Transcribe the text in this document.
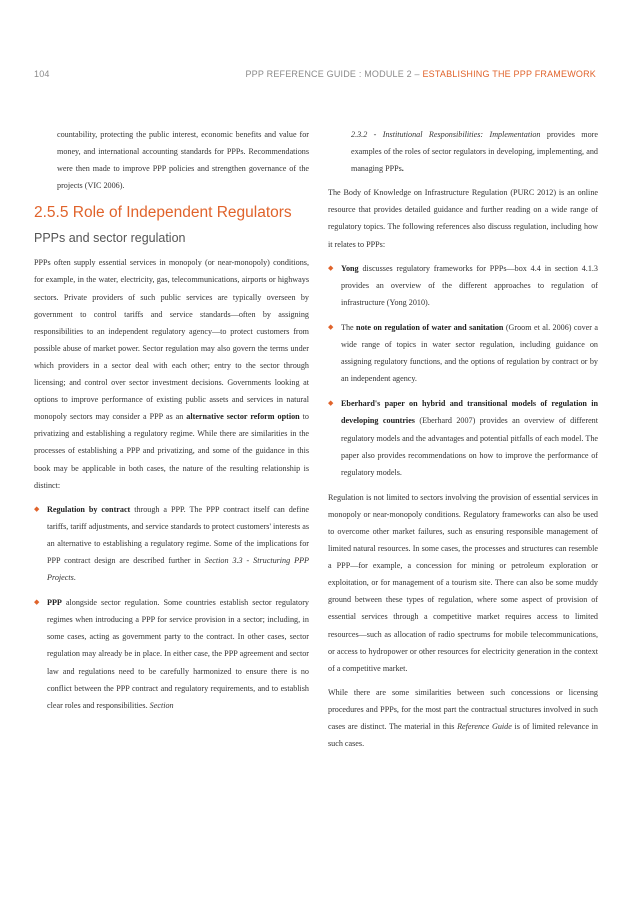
104	PPP REFERENCE GUIDE : MODULE 2 – ESTABLISHING THE PPP FRAMEWORK

countability, protecting the public interest, economic benefits and value for money, and international accounting standards for PPPs. Recommendations were then made to improve PPP policies and strengthen governance of the projects (VIC 2006).

2.5.5 Role of Independent Regulators
PPPs and sector regulation

PPPs often supply essential services in monopoly (or near-monopoly) conditions, for example, in the water, electricity, gas, telecommunications, airports or highways sectors. Private providers of such public services are typically overseen by government to control tariffs and service standards—often by assigning responsibilities to an independent regulatory agency—to protect customers from possible abuse of market power. Sector regulation may also govern the terms under which providers in a sector deal with each other; entry to the sector through licensing; and control over sector investment decisions. Governments looking at options to improve performance of existing public assets and services in natural monopoly sectors may consider a PPP as an alternative sector reform option to privatizing and establishing a regulatory regime. While there are similarities in the processes of establishing a PPP and privatizing, and some of the guidance in this book may be applicable in both cases, the nature of the resulting relationship is distinct:

◆ Regulation by contract through a PPP. The PPP contract itself can define tariffs, tariff adjustments, and service standards to protect customers' interests as an alternative to establishing a regulatory regime. Some of the implications for PPP contract design are described further in Section 3.3 - Structuring PPP Projects.
◆ PPP alongside sector regulation. Some countries establish sector regulatory regimes when introducing a PPP for service provision in a sector; including, in some cases, acting as government party to the contract. In other cases, sector regulation may already be in place. In either case, the PPP agreement and sector law and regulations need to be carefully harmonized to ensure there is no conflict between the PPP contract and regulatory requirements, and to establish clear roles and responsibilities. Section

2.3.2 - Institutional Responsibilities: Implementation provides more examples of the roles of sector regulators in developing, implementing, and managing PPPs.

The Body of Knowledge on Infrastructure Regulation (PURC 2012) is an online resource that provides detailed guidance and further reading on a wide range of regulatory topics. The following references also discuss regulation, including how it relates to PPPs:

◆ Yong discusses regulatory frameworks for PPPs—box 4.4 in section 4.1.3 provides an overview of the different approaches to regulation of infrastructure (Yong 2010).
◆ The note on regulation of water and sanitation (Groom et al. 2006) cover a wide range of topics in water sector regulation, including guidance on assigning regulatory functions, and the options of regulation by contract or by an independent agency.
◆ Eberhard's paper on hybrid and transitional models of regulation in developing countries (Eberhard 2007) provides an overview of different regulatory models and the advantages and potential pitfalls of each model. The paper also provides recommendations on how to improve the performance of regulatory models.

Regulation is not limited to sectors involving the provision of essential services in monopoly or near-monopoly conditions. Regulatory frameworks can also be used to overcome other market failures, such as ensuring responsible management of limited natural resources. In some cases, the processes and structures can resemble a PPP—for example, a concession for mining or petroleum exploration or exploitation, or for management of a tourism site. There can also be some muddy ground between these types of regulation, where some aspect of provision of essential services through a competitive market requires access to limited resources—such as allocation of radio spectrums for mobile telecommunications, or access to hydropower or other resources for electricity generation in the context of a competitive market.

While there are some similarities between such concessions or licensing procedures and PPPs, for the most part the contractual structures involved in such cases are distinct. The material in this Reference Guide is of limited relevance in such cases.
